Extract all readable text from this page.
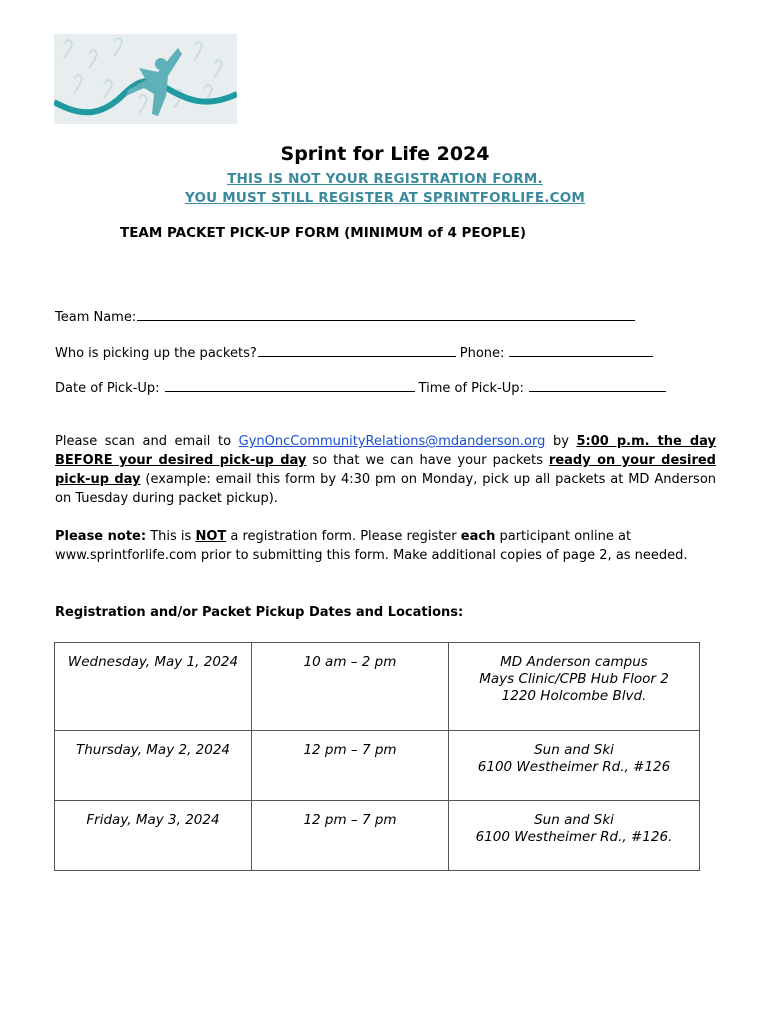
Sprint for Life 2024
THIS IS NOT YOUR REGISTRATION FORM.
YOU MUST STILL REGISTER AT SPRINTFORLIFE.COM
TEAM PACKET PICK-UP FORM (MINIMUM of 4 PEOPLE)
Team Name:
Who is picking up the packets?	Phone:
Date of Pick-Up:	Time of Pick-Up:
Please scan and email to GynOncCommunityRelations@mdanderson.org by 5:00 p.m. the day BEFORE your desired pick-up day so that we can have your packets ready on your desired pick-up day (example: email this form by 4:30 pm on Monday, pick up all packets at MD Anderson on Tuesday during packet pickup).
Please note: This is NOT a registration form. Please register each participant online at www.sprintforlife.com prior to submitting this form. Make additional copies of page 2, as needed.
Registration and/or Packet Pickup Dates and Locations:
Wednesday, May 1, 2024	10 am – 2 pm	MD Anderson campus
Mays Clinic/CPB Hub Floor 2
1220 Holcombe Blvd.

Thursday, May 2, 2024	12 pm – 7 pm	Sun and Ski
6100 Westheimer Rd., #126

Friday, May 3, 2024	12 pm – 7 pm	Sun and Ski
6100 Westheimer Rd., #126.
